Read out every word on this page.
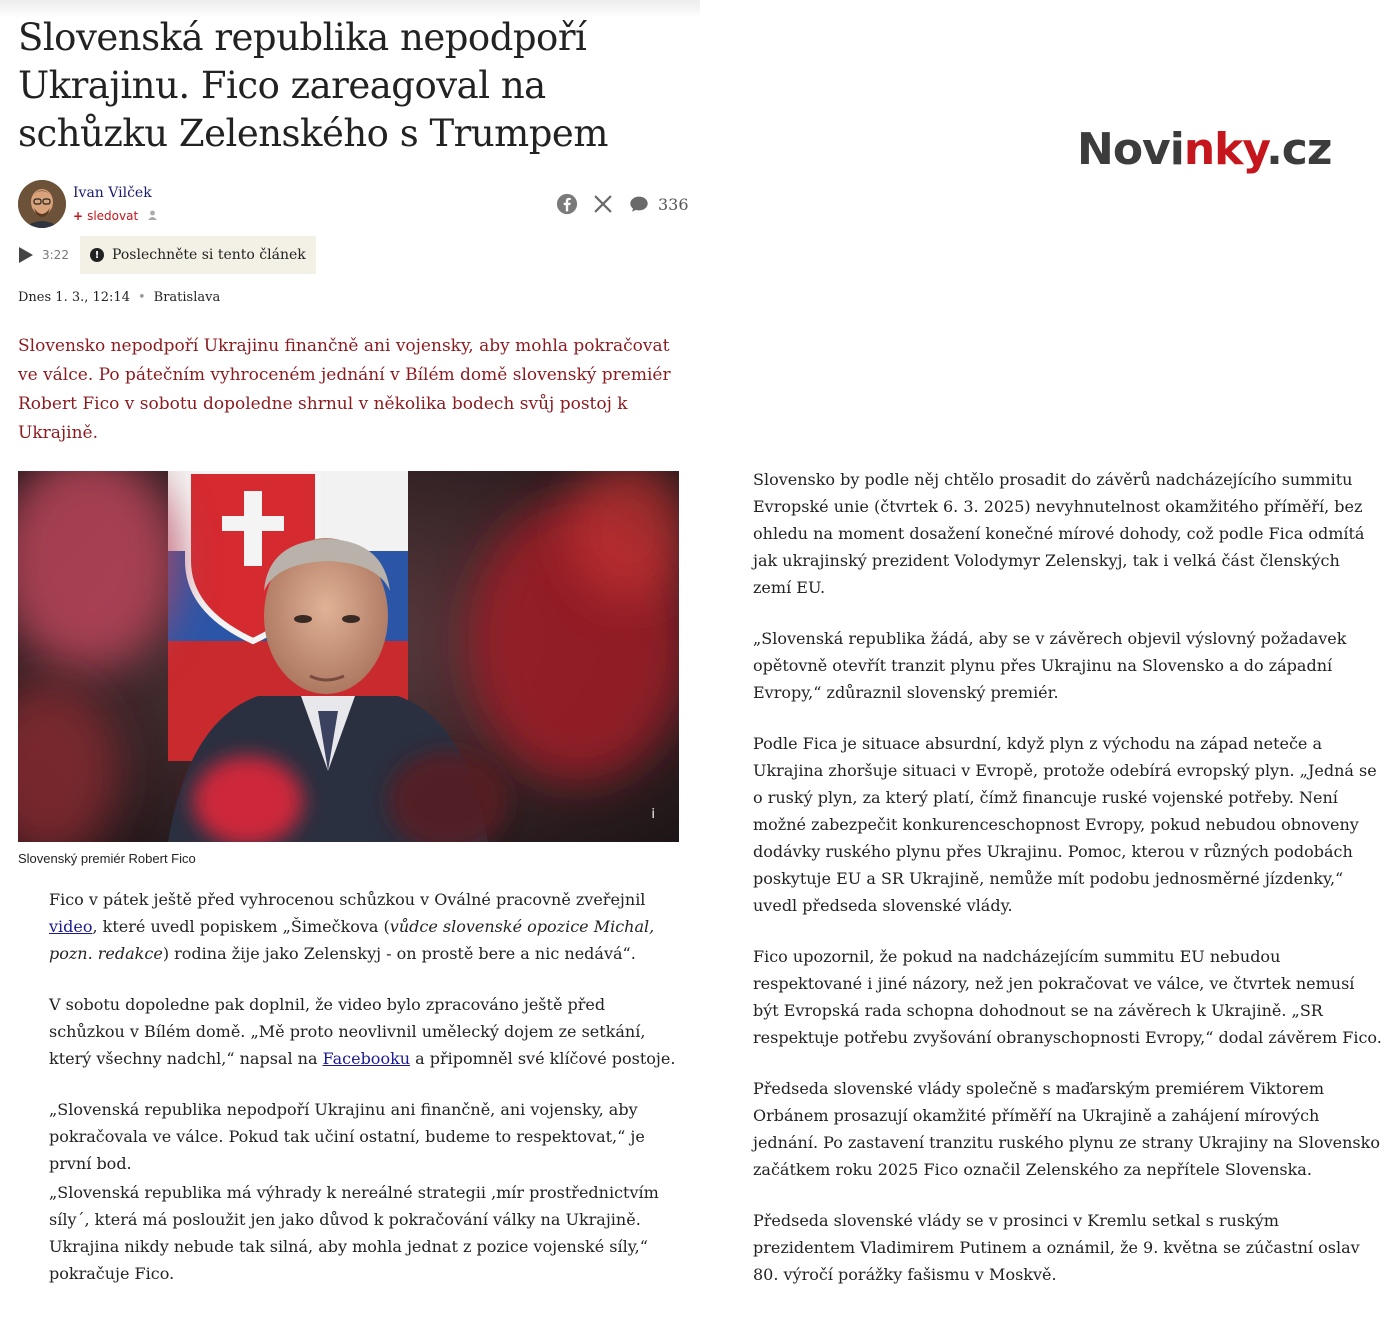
Slovenská republika nepodpoří Ukrajinu. Fico zareagoval na schůzku Zelenského s Trumpem	Novinky.cz
Ivan Vilček
+ sledovat
336
3:22	! Poslechněte si tento článek
Dnes 1. 3., 12:14 • Bratislava

Slovensko nepodpoří Ukrajinu finančně ani vojensky, aby mohla pokračovat ve válce. Po pátečním vyhroceném jednání v Bílém domě slovenský premiér Robert Fico v sobotu dopoledne shrnul v několika bodech svůj postoj k Ukrajině.

i
Slovenský premiér Robert Fico

Fico v pátek ještě před vyhrocenou schůzkou v Oválné pracovně zveřejnil video, které uvedl popiskem „Šimečkova (vůdce slovenské opozice Michal, pozn. redakce) rodina žije jako Zelenskyj - on prostě bere a nic nedává“.

V sobotu dopoledne pak doplnil, že video bylo zpracováno ještě před schůzkou v Bílém domě. „Mě proto neovlivnil umělecký dojem ze setkání, který všechny nadchl,“ napsal na Facebooku a připomněl své klíčové postoje.

„Slovenská republika nepodpoří Ukrajinu ani finančně, ani vojensky, aby pokračovala ve válce. Pokud tak učiní ostatní, budeme to respektovat,“ je první bod.

„Slovenská republika má výhrady k nereálné strategii ‚mír prostřednictvím síly´, která má posloužit jen jako důvod k pokračování války na Ukrajině. Ukrajina nikdy nebude tak silná, aby mohla jednat z pozice vojenské síly,“ pokračuje Fico.

Slovensko by podle něj chtělo prosadit do závěrů nadcházejícího summitu Evropské unie (čtvrtek 6. 3. 2025) nevyhnutelnost okamžitého příměří, bez ohledu na moment dosažení konečné mírové dohody, což podle Fica odmítá jak ukrajinský prezident Volodymyr Zelenskyj, tak i velká část členských zemí EU.

„Slovenská republika žádá, aby se v závěrech objevil výslovný požadavek opětovně otevřít tranzit plynu přes Ukrajinu na Slovensko a do západní Evropy,“ zdůraznil slovenský premiér.

Podle Fica je situace absurdní, když plyn z východu na západ neteče a Ukrajina zhoršuje situaci v Evropě, protože odebírá evropský plyn. „Jedná se o ruský plyn, za který platí, čímž financuje ruské vojenské potřeby. Není možné zabezpečit konkurenceschopnost Evropy, pokud nebudou obnoveny dodávky ruského plynu přes Ukrajinu. Pomoc, kterou v různých podobách poskytuje EU a SR Ukrajině, nemůže mít podobu jednosměrné jízdenky,“ uvedl předseda slovenské vlády.

Fico upozornil, že pokud na nadcházejícím summitu EU nebudou respektované i jiné názory, než jen pokračovat ve válce, ve čtvrtek nemusí být Evropská rada schopna dohodnout se na závěrech k Ukrajině. „SR respektuje potřebu zvyšování obranyschopnosti Evropy,“ dodal závěrem Fico.

Předseda slovenské vlády společně s maďarským premiérem Viktorem Orbánem prosazují okamžité příměří na Ukrajině a zahájení mírových jednání. Po zastavení tranzitu ruského plynu ze strany Ukrajiny na Slovensko začátkem roku 2025 Fico označil Zelenského za nepřítele Slovenska.

Předseda slovenské vlády se v prosinci v Kremlu setkal s ruským prezidentem Vladimirem Putinem a oznámil, že 9. května se zúčastní oslav 80. výročí porážky fašismu v Moskvě.
